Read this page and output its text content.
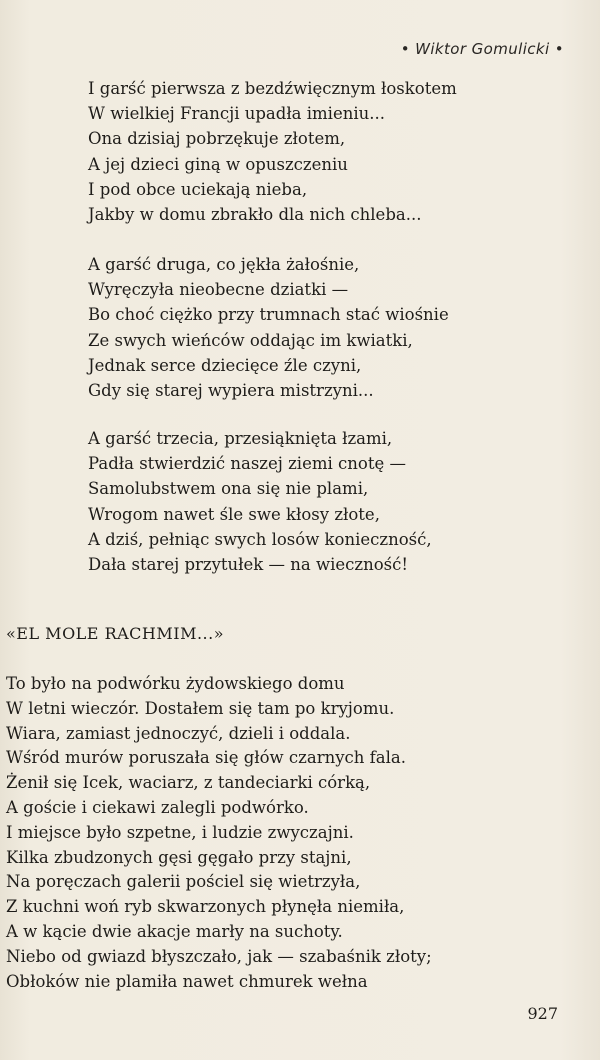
• Wiktor Gomulicki •
I garść pierwsza z bezdźwięcznym łoskotem
W wielkiej Francji upadła imieniu...
Ona dzisiaj pobrzękuje złotem,
A jej dzieci giną w opuszczeniu
I pod obce uciekają nieba,
Jakby w domu zbrakło dla nich chleba...
A garść druga, co jękła żałośnie,
Wyręczyła nieobecne dziatki —
Bo choć ciężko przy trumnach stać wiośnie
Ze swych wieńców oddając im kwiatki,
Jednak serce dziecięce źle czyni,
Gdy się starej wypiera mistrzyni...
A garść trzecia, przesiąknięta łzami,
Padła stwierdzić naszej ziemi cnotę —
Samolubstwem ona się nie plami,
Wrogom nawet śle swe kłosy złote,
A dziś, pełniąc swych losów konieczność,
Dała starej przytułek — na wieczność!
«EL MOLE RACHMIM...»
To było na podwórku żydowskiego domu
W letni wieczór. Dostałem się tam po kryjomu.
Wiara, zamiast jednoczyć, dzieli i oddala.
Wśród murów poruszała się głów czarnych fala.
Żenił się Icek, waciarz, z tandeciarki córką,
A goście i ciekawi zalegli podwórko.
I miejsce było szpetne, i ludzie zwyczajni.
Kilka zbudzonych gęsi gęgało przy stajni,
Na poręczach galerii pościel się wietrzyła,
Z kuchni woń ryb skwarzonych płynęła niemiła,
A w kącie dwie akacje marły na suchoty.
Niebo od gwiazd błyszczało, jak — szabaśnik złoty;
Obłoków nie plamiła nawet chmurek wełna
927
